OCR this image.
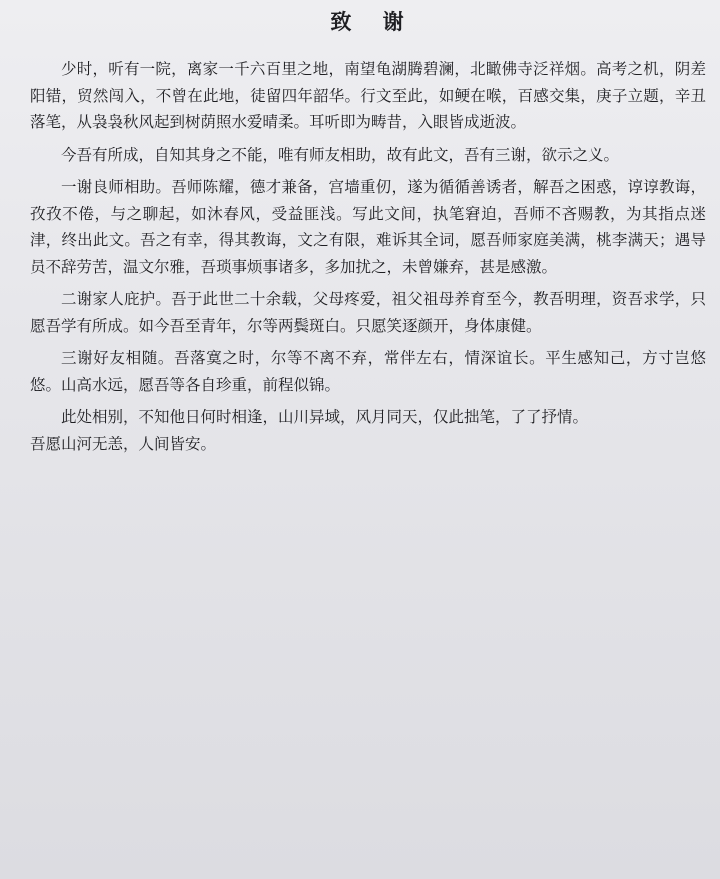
致 谢

少时，听有一院，离家一千六百里之地，南望龟湖腾碧澜，北瞰佛寺泛祥烟。高考之机，阴差阳错，贸然闯入，不曾在此地，徒留四年韶华。行文至此，如鲠在喉，百感交集，庚子立题，辛丑落笔，从袅袅秋风起到树荫照水爱晴柔。耳听即为畴昔，入眼皆成逝波。

今吾有所成，自知其身之不能，唯有师友相助，故有此文，吾有三谢，欲示之义。

一谢良师相助。吾师陈耀，德才兼备，宫墙重仞，遂为循循善诱者，解吾之困惑，谆谆教诲，孜孜不倦，与之聊起，如沐春风，受益匪浅。写此文间，执笔窘迫，吾师不吝赐教，为其指点迷津，终出此文。吾之有幸，得其教诲，文之有限，难诉其全词，愿吾师家庭美满，桃李满天；遇导员不辞劳苦，温文尔雅，吾琐事烦事诸多，多加扰之，未曾嫌弃，甚是感激。

二谢家人庇护。吾于此世二十余载，父母疼爱，祖父祖母养育至今，教吾明理，资吾求学，只愿吾学有所成。如今吾至青年，尔等两鬓斑白。只愿笑逐颜开，身体康健。

三谢好友相随。吾落寞之时，尔等不离不弃，常伴左右，情深谊长。平生感知己，方寸岂悠悠。山高水远，愿吾等各自珍重，前程似锦。

此处相别，不知他日何时相逢，山川异域，风月同天，仅此拙笔，了了抒情。

吾愿山河无恙，人间皆安。
